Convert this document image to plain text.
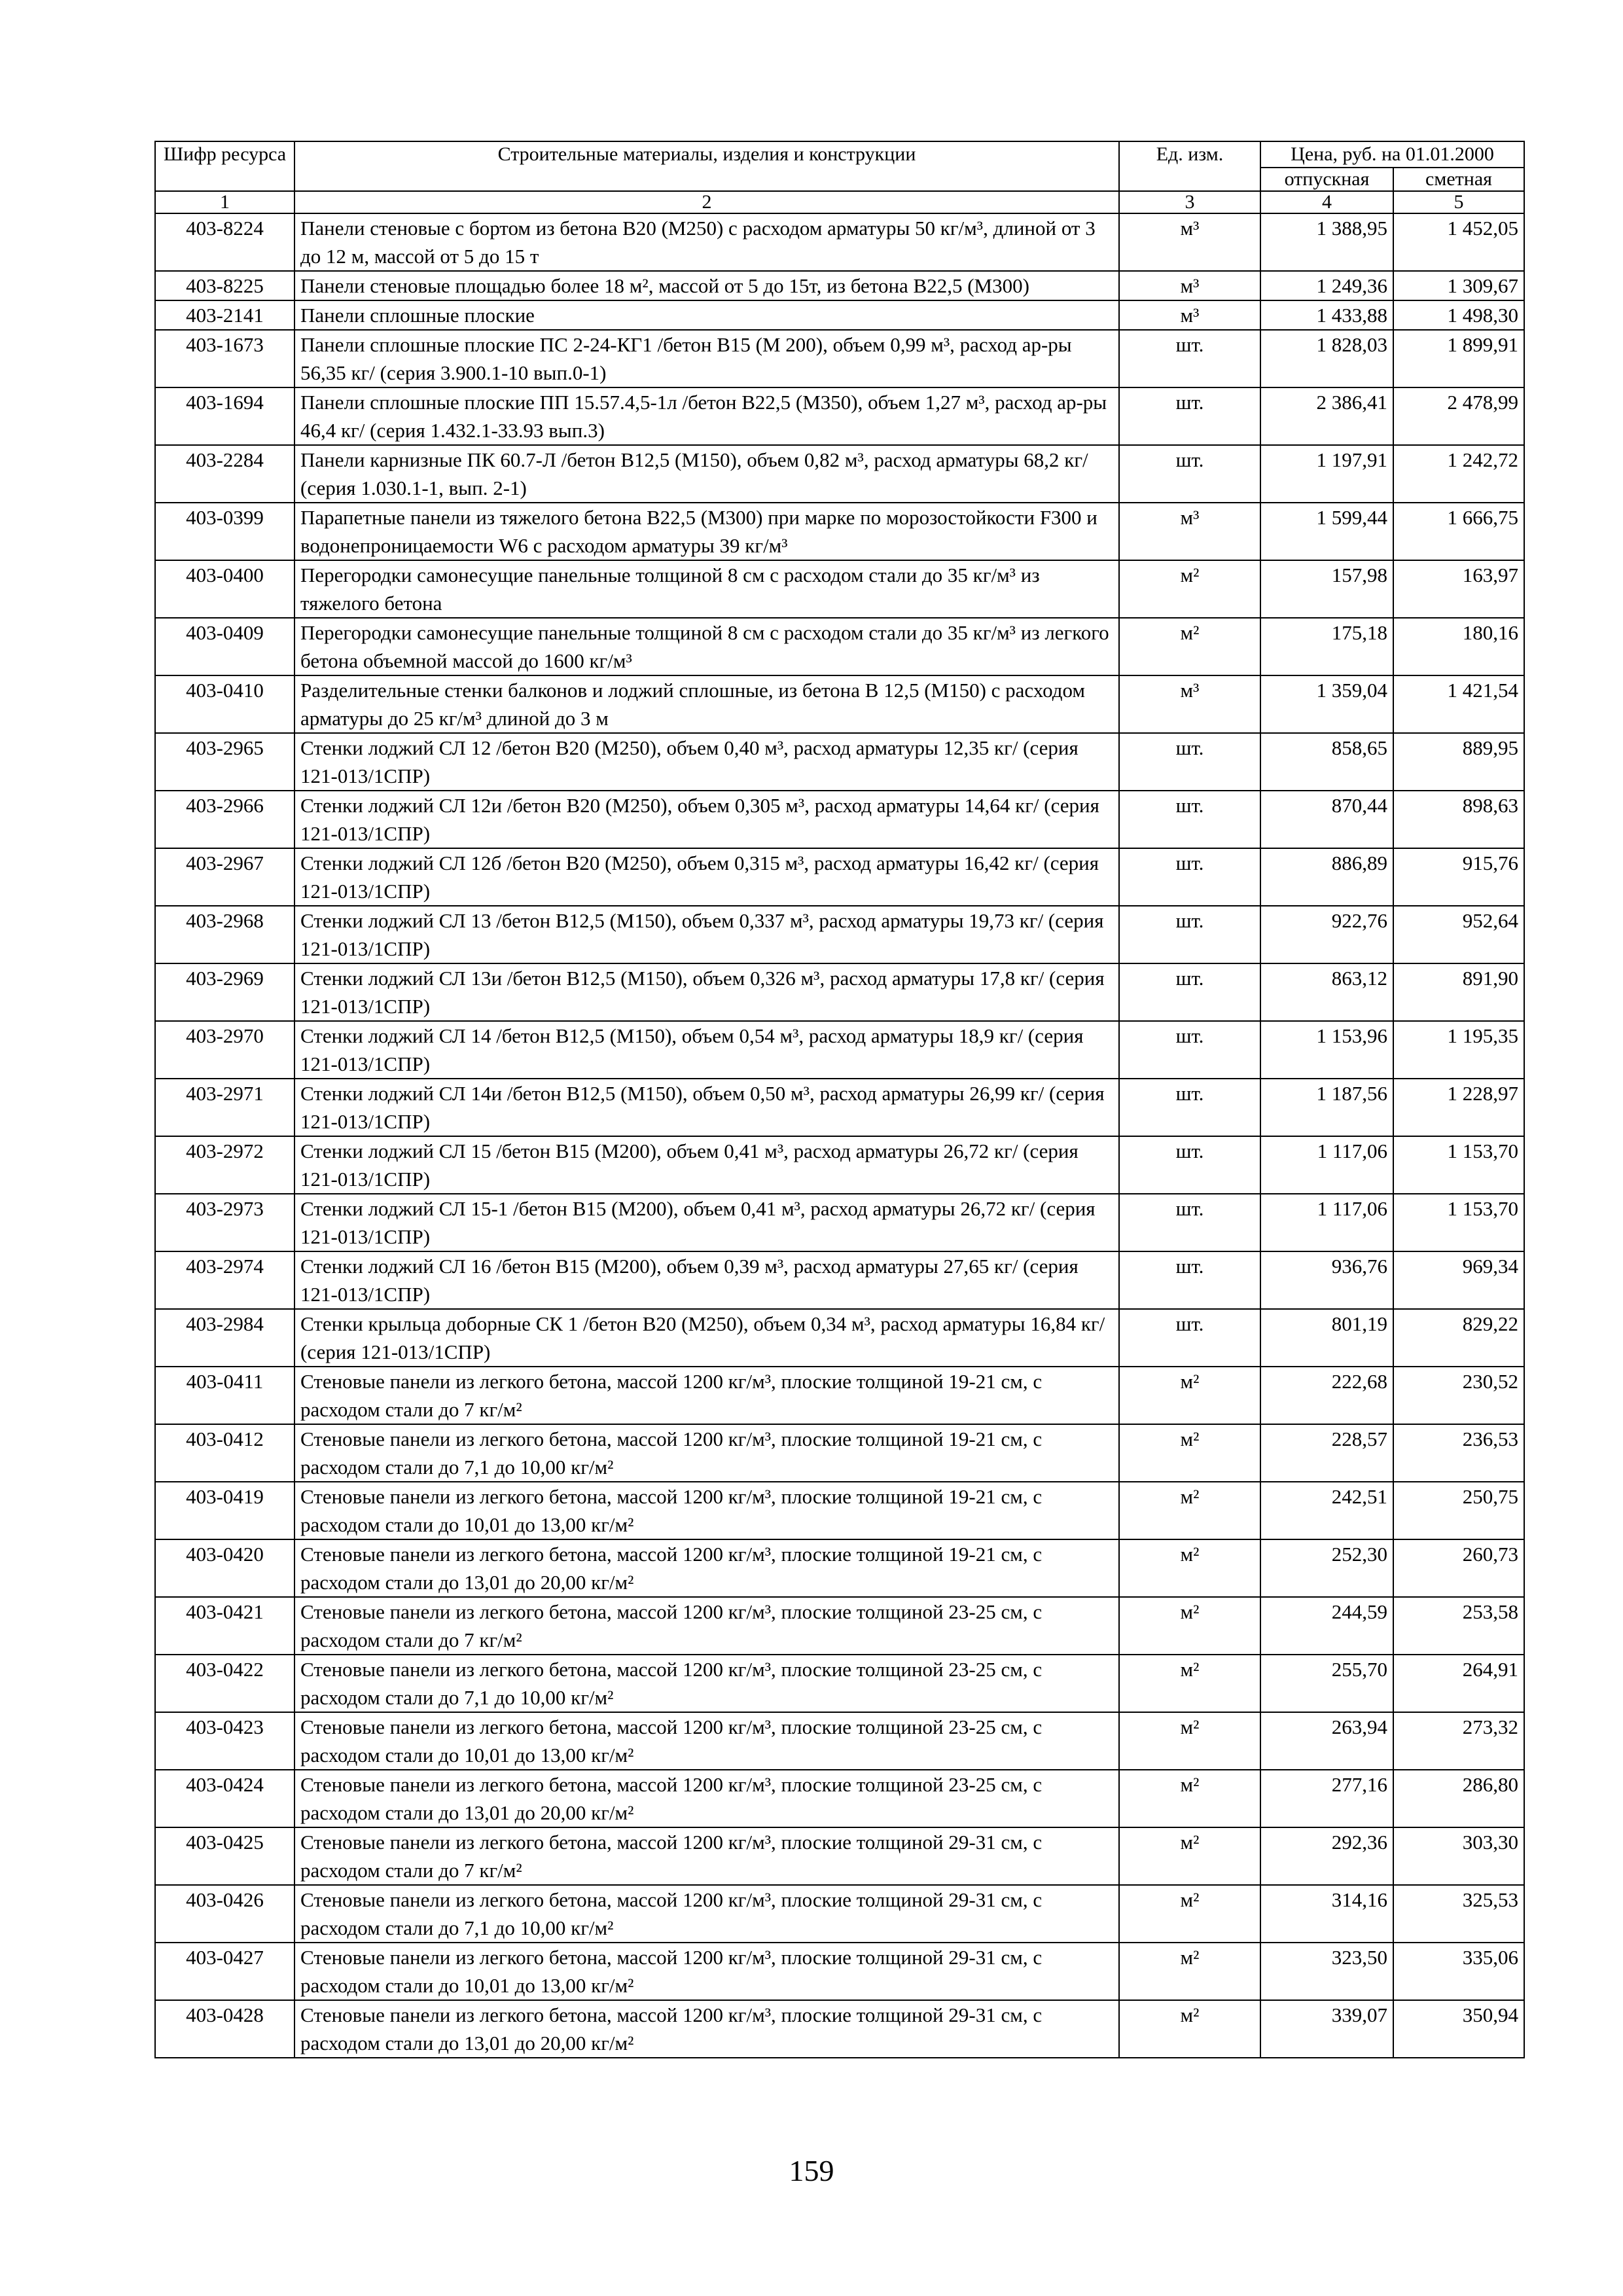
Шифр ресурса	Строительные материалы, изделия и конструкции	Ед. изм.	Цена, руб. на 01.01.2000	
			отпускная	сметная
1	2	3	4	5
403-8224	Панели стеновые с бортом из бетона В20 (М250) с расходом арматуры 50 кг/м³, длиной от 3 до 12 м, массой от 5 до 15 т	м³	1 388,95	1 452,05
403-8225	Панели стеновые площадью более 18 м², массой от 5 до 15т, из бетона В22,5 (М300)	м³	1 249,36	1 309,67
403-2141	Панели сплошные плоские	м³	1 433,88	1 498,30
403-1673	Панели сплошные плоские ПС 2-24-КГ1 /бетон В15 (М 200), объем 0,99 м³, расход ар-ры 56,35 кг/ (серия 3.900.1-10 вып.0-1)	шт.	1 828,03	1 899,91
403-1694	Панели сплошные плоские ПП 15.57.4,5-1л /бетон В22,5 (М350), объем 1,27 м³, расход ар-ры 46,4 кг/ (серия 1.432.1-33.93 вып.3)	шт.	2 386,41	2 478,99
403-2284	Панели карнизные ПК 60.7-Л /бетон В12,5 (М150), объем 0,82 м³, расход арматуры 68,2 кг/ (серия 1.030.1-1, вып. 2-1)	шт.	1 197,91	1 242,72
403-0399	Парапетные панели из тяжелого бетона В22,5 (М300) при марке по морозостойкости F300 и водонепроницаемости W6 с расходом арматуры 39 кг/м³	м³	1 599,44	1 666,75
403-0400	Перегородки самонесущие панельные толщиной 8 см с расходом стали до 35 кг/м³ из тяжелого бетона	м²	157,98	163,97
403-0409	Перегородки самонесущие панельные толщиной 8 см с расходом стали до 35 кг/м³ из легкого бетона объемной массой до 1600 кг/м³	м²	175,18	180,16
403-0410	Разделительные стенки балконов и лоджий сплошные, из бетона В 12,5 (М150) с расходом арматуры до 25 кг/м³ длиной до 3 м	м³	1 359,04	1 421,54
403-2965	Стенки лоджий СЛ 12 /бетон В20 (М250), объем 0,40 м³, расход арматуры 12,35 кг/ (серия 121-013/1СПР)	шт.	858,65	889,95
403-2966	Стенки лоджий СЛ 12и /бетон В20 (М250), объем 0,305 м³, расход арматуры 14,64 кг/ (серия 121-013/1СПР)	шт.	870,44	898,63
403-2967	Стенки лоджий СЛ 12б /бетон В20 (М250), объем 0,315 м³, расход арматуры 16,42 кг/ (серия 121-013/1СПР)	шт.	886,89	915,76
403-2968	Стенки лоджий СЛ 13 /бетон В12,5 (М150), объем 0,337 м³, расход арматуры 19,73 кг/ (серия 121-013/1СПР)	шт.	922,76	952,64
403-2969	Стенки лоджий СЛ 13и /бетон В12,5 (М150), объем 0,326 м³, расход арматуры 17,8 кг/ (серия 121-013/1СПР)	шт.	863,12	891,90
403-2970	Стенки лоджий СЛ 14 /бетон В12,5 (М150), объем 0,54 м³, расход арматуры 18,9 кг/ (серия 121-013/1СПР)	шт.	1 153,96	1 195,35
403-2971	Стенки лоджий СЛ 14и /бетон В12,5 (М150), объем 0,50 м³, расход арматуры 26,99 кг/ (серия 121-013/1СПР)	шт.	1 187,56	1 228,97
403-2972	Стенки лоджий СЛ 15 /бетон В15 (М200), объем 0,41 м³, расход арматуры 26,72 кг/ (серия 121-013/1СПР)	шт.	1 117,06	1 153,70
403-2973	Стенки лоджий СЛ 15-1 /бетон В15 (М200), объем 0,41 м³, расход арматуры 26,72 кг/ (серия 121-013/1СПР)	шт.	1 117,06	1 153,70
403-2974	Стенки лоджий СЛ 16 /бетон В15 (М200), объем 0,39 м³, расход арматуры 27,65 кг/ (серия 121-013/1СПР)	шт.	936,76	969,34
403-2984	Стенки крыльца доборные СК 1 /бетон В20 (М250), объем 0,34 м³, расход арматуры 16,84 кг/ (серия 121-013/1СПР)	шт.	801,19	829,22
403-0411	Стеновые панели из легкого бетона, массой 1200 кг/м³, плоские толщиной 19-21 см, с расходом стали до 7 кг/м²	м²	222,68	230,52
403-0412	Стеновые панели из легкого бетона, массой 1200 кг/м³, плоские толщиной 19-21 см, с расходом стали до 7,1 до 10,00 кг/м²	м²	228,57	236,53
403-0419	Стеновые панели из легкого бетона, массой 1200 кг/м³, плоские толщиной 19-21 см, с расходом стали до 10,01 до 13,00 кг/м²	м²	242,51	250,75
403-0420	Стеновые панели из легкого бетона, массой 1200 кг/м³, плоские толщиной 19-21 см, с расходом стали до 13,01 до 20,00 кг/м²	м²	252,30	260,73
403-0421	Стеновые панели из легкого бетона, массой 1200 кг/м³, плоские толщиной 23-25 см, с расходом стали до 7 кг/м²	м²	244,59	253,58
403-0422	Стеновые панели из легкого бетона, массой 1200 кг/м³, плоские толщиной 23-25 см, с расходом стали до 7,1 до 10,00 кг/м²	м²	255,70	264,91
403-0423	Стеновые панели из легкого бетона, массой 1200 кг/м³, плоские толщиной 23-25 см, с расходом стали до 10,01 до 13,00 кг/м²	м²	263,94	273,32
403-0424	Стеновые панели из легкого бетона, массой 1200 кг/м³, плоские толщиной 23-25 см, с расходом стали до 13,01 до 20,00 кг/м²	м²	277,16	286,80
403-0425	Стеновые панели из легкого бетона, массой 1200 кг/м³, плоские толщиной 29-31 см, с расходом стали до 7 кг/м²	м²	292,36	303,30
403-0426	Стеновые панели из легкого бетона, массой 1200 кг/м³, плоские толщиной 29-31 см, с расходом стали до 7,1 до 10,00 кг/м²	м²	314,16	325,53
403-0427	Стеновые панели из легкого бетона, массой 1200 кг/м³, плоские толщиной 29-31 см, с расходом стали до 10,01 до 13,00 кг/м²	м²	323,50	335,06
403-0428	Стеновые панели из легкого бетона, массой 1200 кг/м³, плоские толщиной 29-31 см, с расходом стали до 13,01 до 20,00 кг/м²	м²	339,07	350,94
159
